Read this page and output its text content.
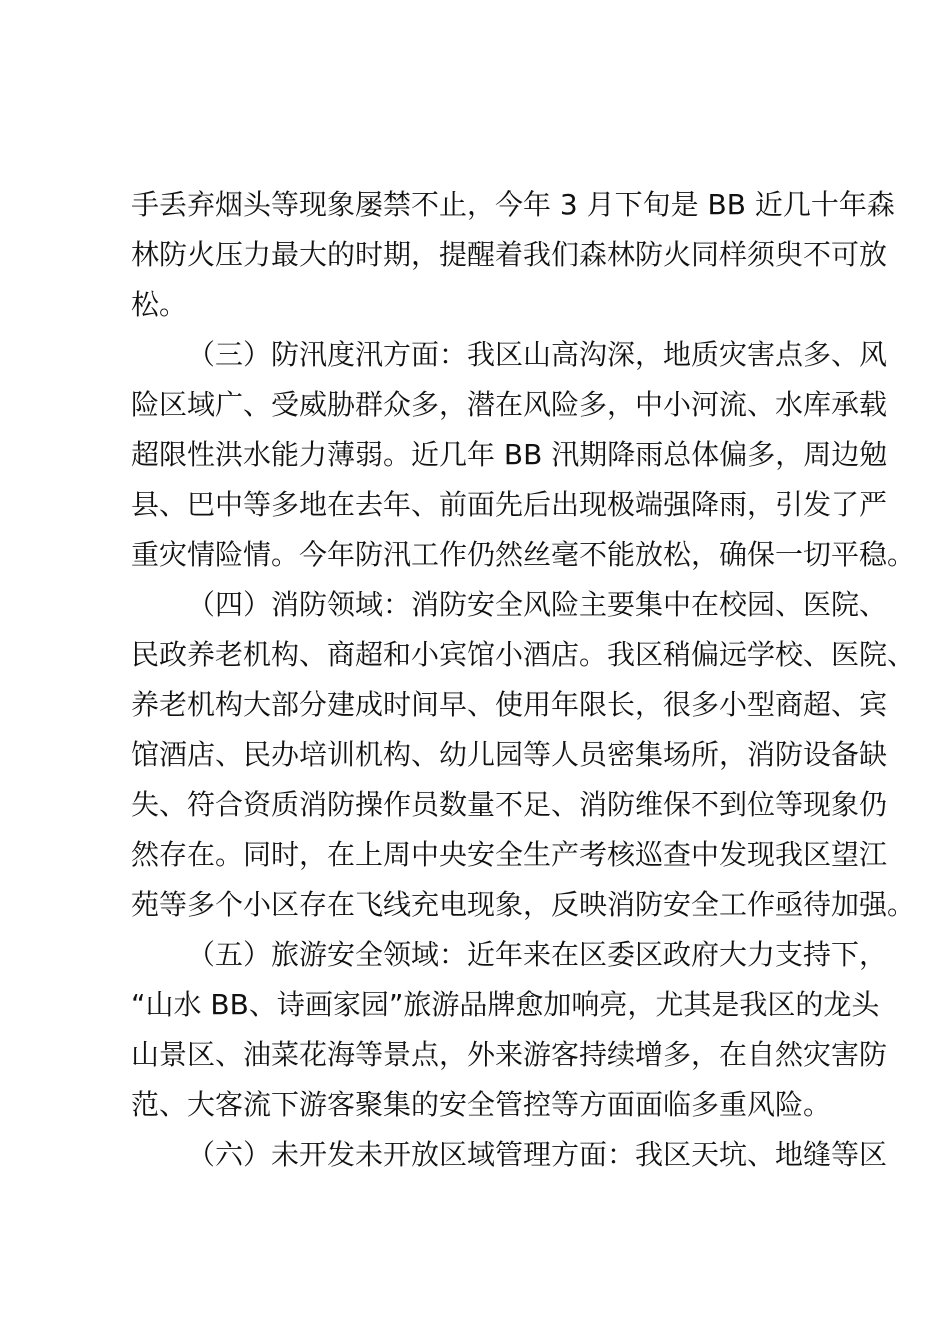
手丢弃烟头等现象屡禁不止，今年 3 月下旬是 BB 近几十年森
林防火压力最大的时期，提醒着我们森林防火同样须臾不可放
松。
（三）防汛度汛方面：我区山高沟深，地质灾害点多、风
险区域广、受威胁群众多，潜在风险多，中小河流、水库承载
超限性洪水能力薄弱。近几年 BB 汛期降雨总体偏多，周边勉
县、巴中等多地在去年、前面先后出现极端强降雨，引发了严
重灾情险情。今年防汛工作仍然丝毫不能放松，确保一切平稳。
（四）消防领域：消防安全风险主要集中在校园、医院、
民政养老机构、商超和小宾馆小酒店。我区稍偏远学校、医院、
养老机构大部分建成时间早、使用年限长，很多小型商超、宾
馆酒店、民办培训机构、幼儿园等人员密集场所，消防设备缺
失、符合资质消防操作员数量不足、消防维保不到位等现象仍
然存在。同时，在上周中央安全生产考核巡查中发现我区望江
苑等多个小区存在飞线充电现象，反映消防安全工作亟待加强。
（五）旅游安全领域：近年来在区委区政府大力支持下，
“山水 BB、诗画家园”旅游品牌愈加响亮，尤其是我区的龙头
山景区、油菜花海等景点，外来游客持续增多，在自然灾害防
范、大客流下游客聚集的安全管控等方面面临多重风险。
（六）未开发未开放区域管理方面：我区天坑、地缝等区
